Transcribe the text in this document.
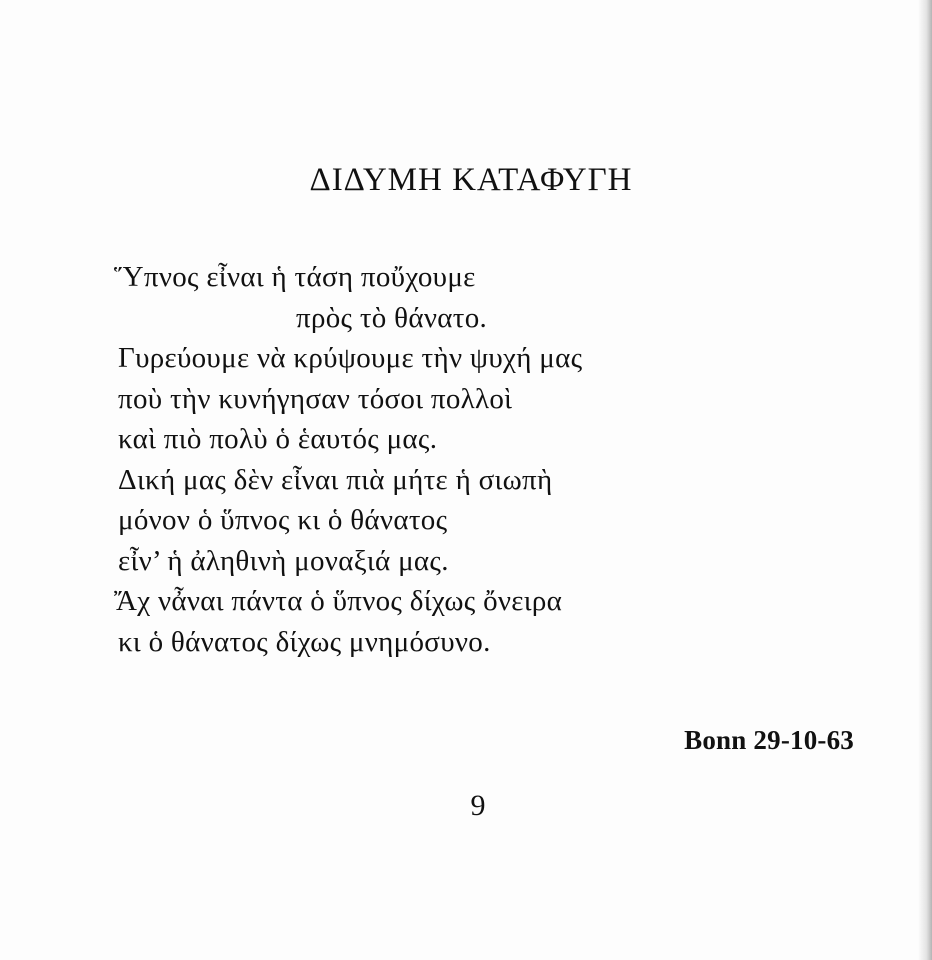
ΔΙΔΥΜΗ ΚΑΤΑΦΥΓΗ
Ὕπνος εἶναι ἡ τάση ποὔχουμε
πρὸς τὸ θάνατο.
Γυρεύουμε νὰ κρύψουμε τὴν ψυχή μας
ποὺ τὴν κυνήγησαν τόσοι πολλοὶ
καὶ πιὸ πολὺ ὁ ἑαυτός μας.
Δική μας δὲν εἶναι πιὰ μήτε ἡ σιωπὴ
μόνον ὁ ὕπνος κι ὁ θάνατος
εἶν’ ἡ ἀληθινὴ μοναξιά μας.
Ἄχ νἆναι πάντα ὁ ὕπνος δίχως ὄνειρα
κι ὁ θάνατος δίχως μνημόσυνο.
Bonn 29-10-63
9
